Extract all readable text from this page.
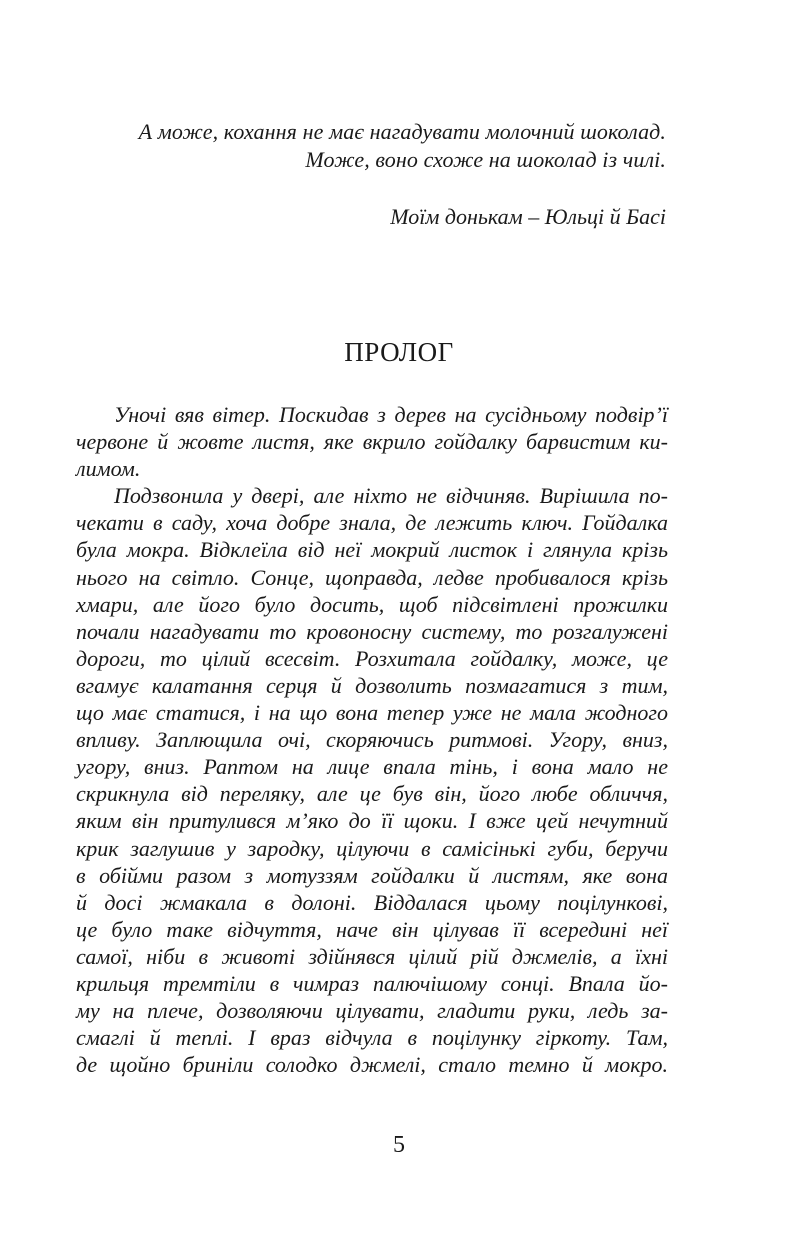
А може, кохання не має нагадувати молочний шоколад.
Може, воно схоже на шоколад із чилі.
Моїм донькам – Юльці й Басі
ПРОЛОГ
Уночі вяв вітер. Поскидав з дерев на сусідньому подвір’ї
червоне й жовте листя, яке вкрило гойдалку барвистим ки-
лимом.
Подзвонила у двері, але ніхто не відчиняв. Вирішила по-
чекати в саду, хоча добре знала, де лежить ключ. Гойдалка
була мокра. Відклеїла від неї мокрий листок і глянула крізь
нього на світло. Сонце, щоправда, ледве пробивалося крізь
хмари, але його було досить, щоб підсвітлені прожилки
почали нагадувати то кровоносну систему, то розгалужені
дороги, то цілий всесвіт. Розхитала гойдалку, може, це
вгамує калатання серця й дозволить позмагатися з тим,
що має статися, і на що вона тепер уже не мала жодного
впливу. Заплющила очі, скоряючись ритмові. Угору, вниз,
угору, вниз. Раптом на лице впала тінь, і вона мало не
скрикнула від переляку, але це був він, його любе обличчя,
яким він притулився м’яко до її щоки. І вже цей нечутний
крик заглушив у зародку, цілуючи в самісінькі губи, беручи
в обійми разом з мотуззям гойдалки й листям, яке вона
й досі жмакала в долоні. Віддалася цьому поцілункові,
це було таке відчуття, наче він цілував її всередині неї
самої, ніби в животі здійнявся цілий рій джмелів, а їхні
крильця тремтіли в чимраз палючішому сонці. Впала йо-
му на плече, дозволяючи цілувати, гладити руки, ледь за-
смаглі й теплі. І враз відчула в поцілунку гіркоту. Там,
де щойно бриніли солодко джмелі, стало темно й мокро.
5
